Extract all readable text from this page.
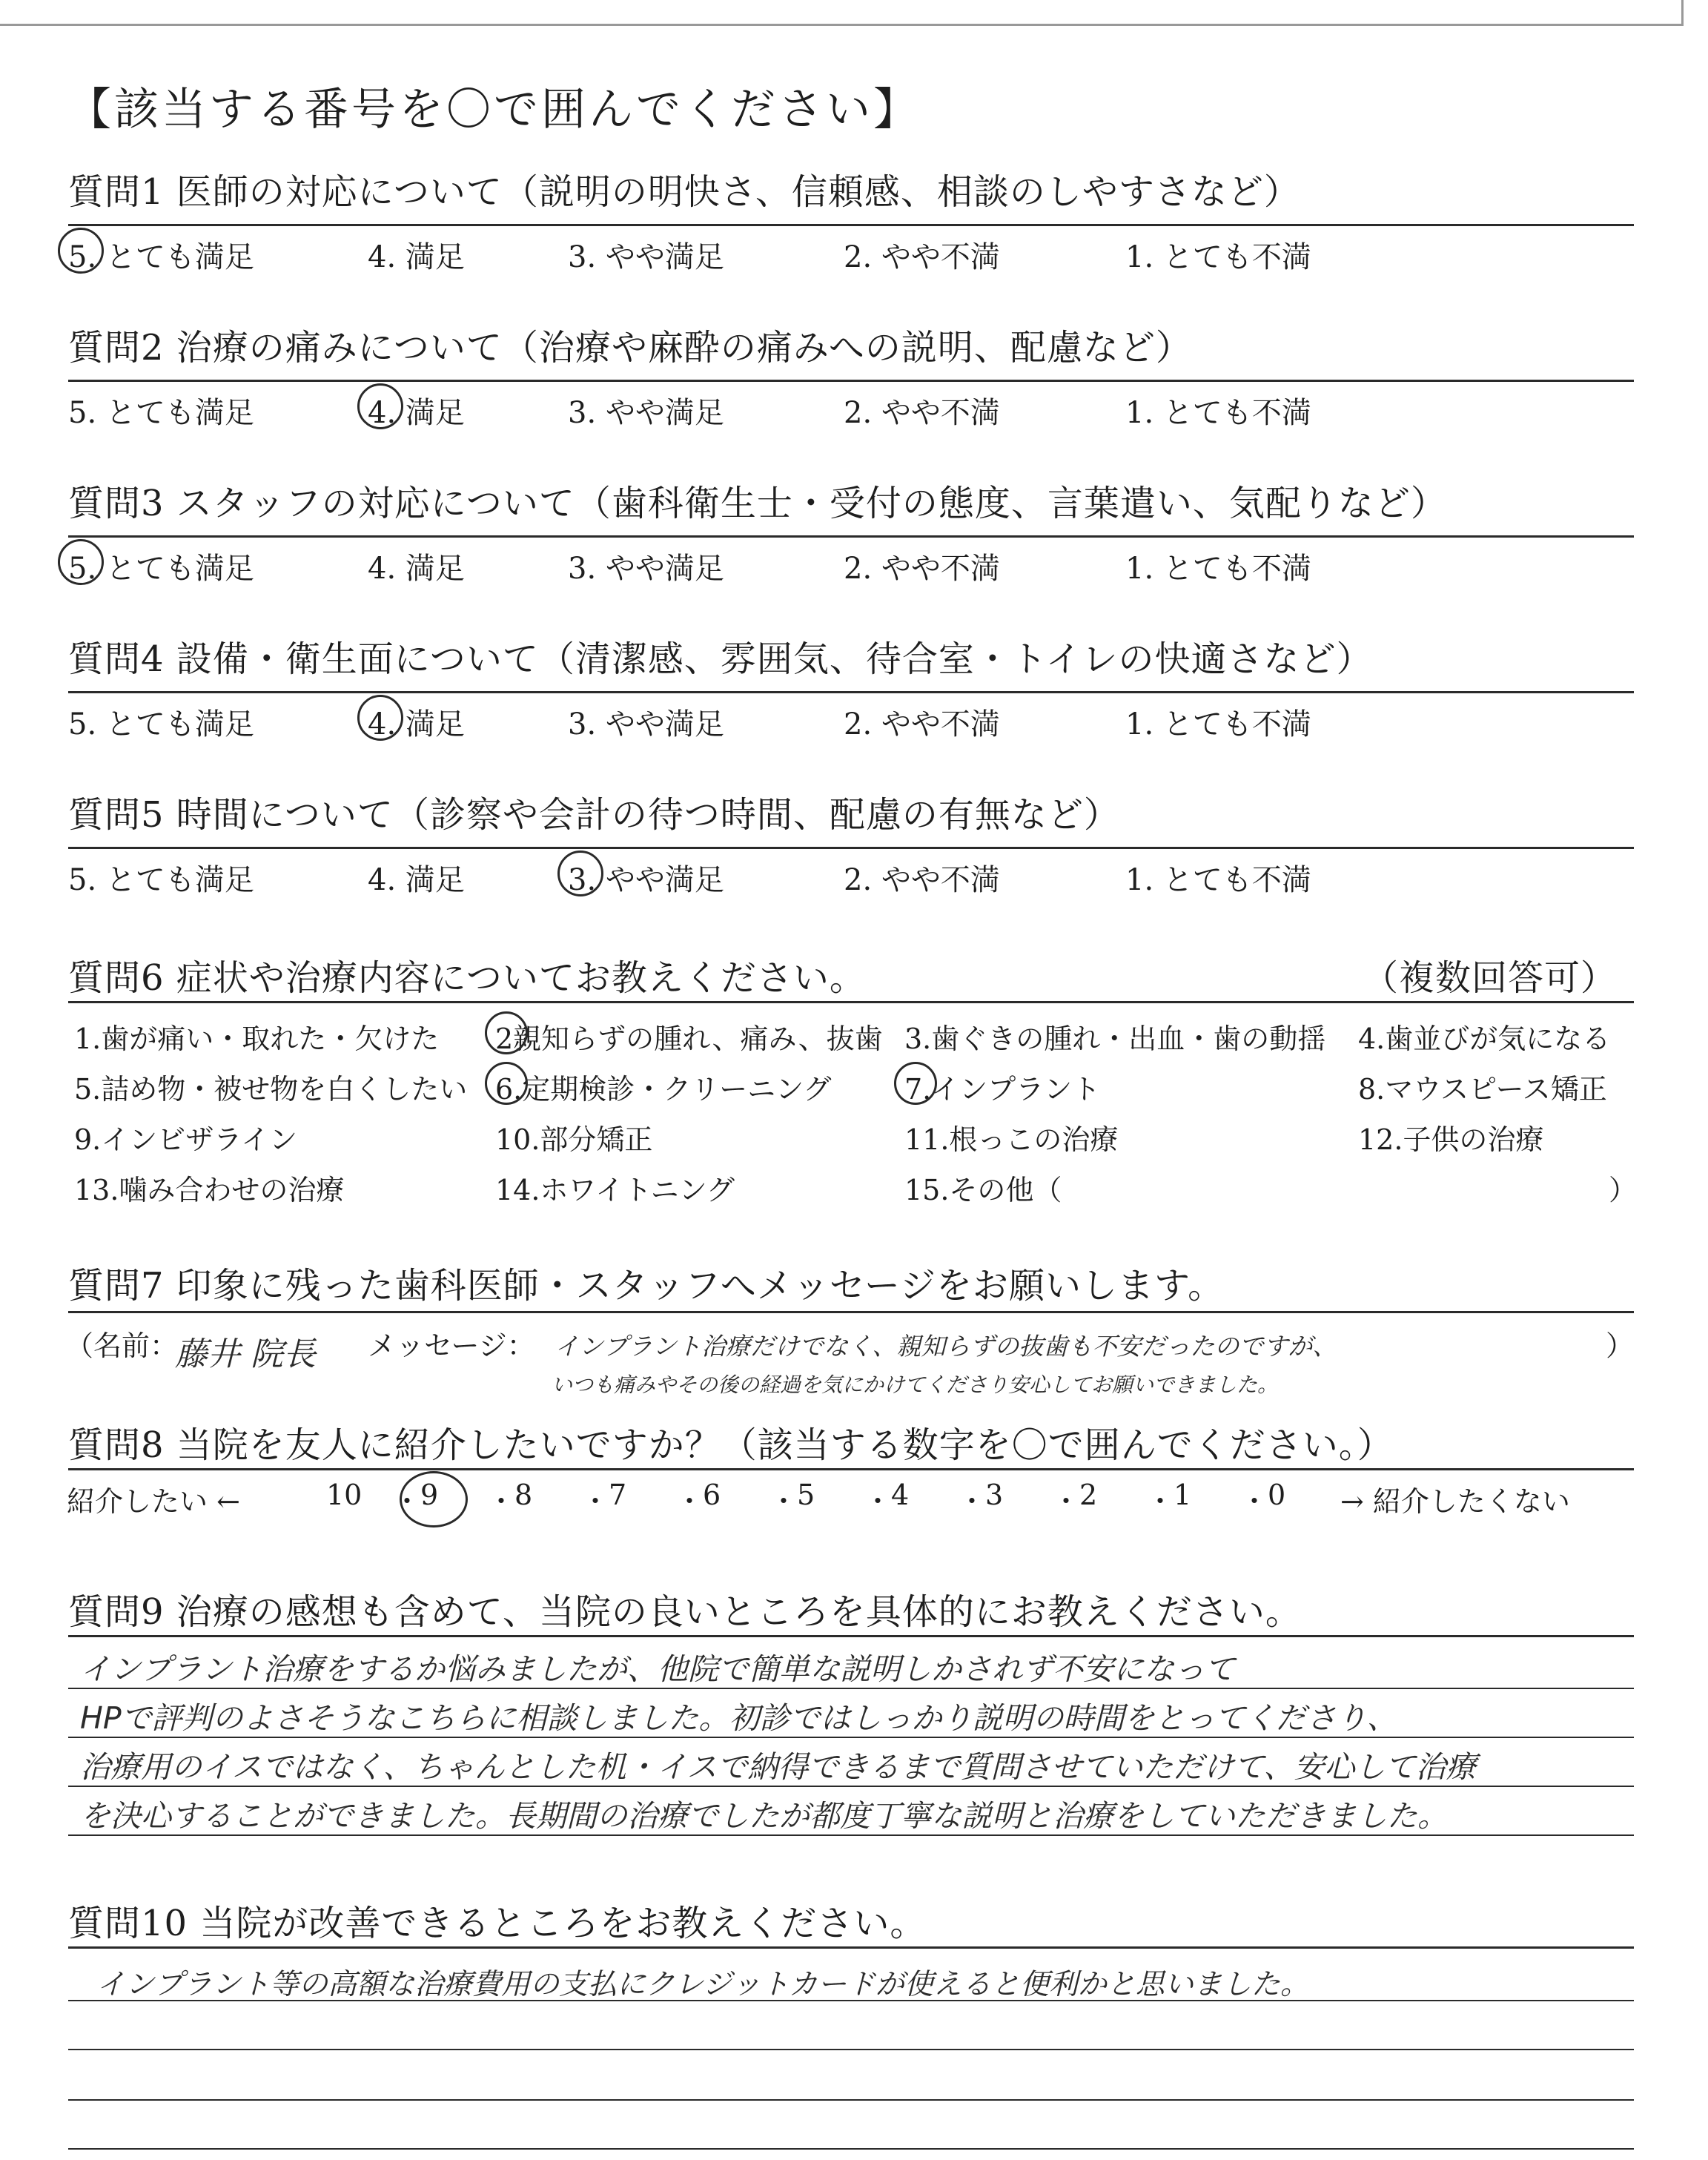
【該当する番号を〇で囲んでください】
質問1 医師の対応について（説明の明快さ、信頼感、相談のしやすさなど）
5. とても満足	4. 満足	3. やや満足	2. やや不満	1. とても不満
質問2 治療の痛みについて（治療や麻酔の痛みへの説明、配慮など）
5. とても満足	4. 満足	3. やや満足	2. やや不満	1. とても不満
質問3 スタッフの対応について（歯科衛生士・受付の態度、言葉遣い、気配りなど）
5. とても満足	4. 満足	3. やや満足	2. やや不満	1. とても不満
質問4 設備・衛生面について（清潔感、雰囲気、待合室・トイレの快適さなど）
5. とても満足	4. 満足	3. やや満足	2. やや不満	1. とても不満
質問5 時間について（診察や会計の待つ時間、配慮の有無など）
5. とても満足	4. 満足	3. やや満足	2. やや不満	1. とても不満
質問6 症状や治療内容についてお教えください。	（複数回答可）
1.歯が痛い・取れた・欠けた 2親知らずの腫れ、痛み、抜歯 3.歯ぐきの腫れ・出血・歯の動揺 4.歯並びが気になる
5.詰め物・被せ物を白くしたい 6.定期検診・クリーニング	7.インプラント	8.マウスピース矯正
9.インビザライン	10.部分矯正	11.根っこの治療	12.子供の治療
13.噛み合わせの治療	14.ホワイトニング	15.その他（	）
質問7 印象に残った歯科医師・スタッフへメッセージをお願いします。
（名前：
藤井 院長 メッセージ： インプラント治療だけでなく、親知らずの抜歯も不安だったのですが、
いつも痛みやその後の経過を気にかけてくださり安心してお願いできました。
）
質問8 当院を友人に紹介したいですか？（該当する数字を〇で囲んでください。）
紹介したい ←	10 ・
9 ・
8 ・
7 ・
6 ・
5 ・
4 ・
3 ・
2 ・
1 ・
0 → 紹介したくない
質問9 治療の感想も含めて、当院の良いところを具体的にお教えください。
インプラント治療をするか悩みましたが、他院で簡単な説明しかされず不安になって
HPで評判のよさそうなこちらに相談しました。初診ではしっかり説明の時間をとってくださり、
治療用のイスではなく、ちゃんとした机・イスで納得できるまで質問させていただけて、安心して治療
を決心することができました。長期間の治療でしたが都度丁寧な説明と治療をしていただきました。
質問10 当院が改善できるところをお教えください。
インプラント等の高額な治療費用の支払にクレジットカードが使えると便利かと思いました。
